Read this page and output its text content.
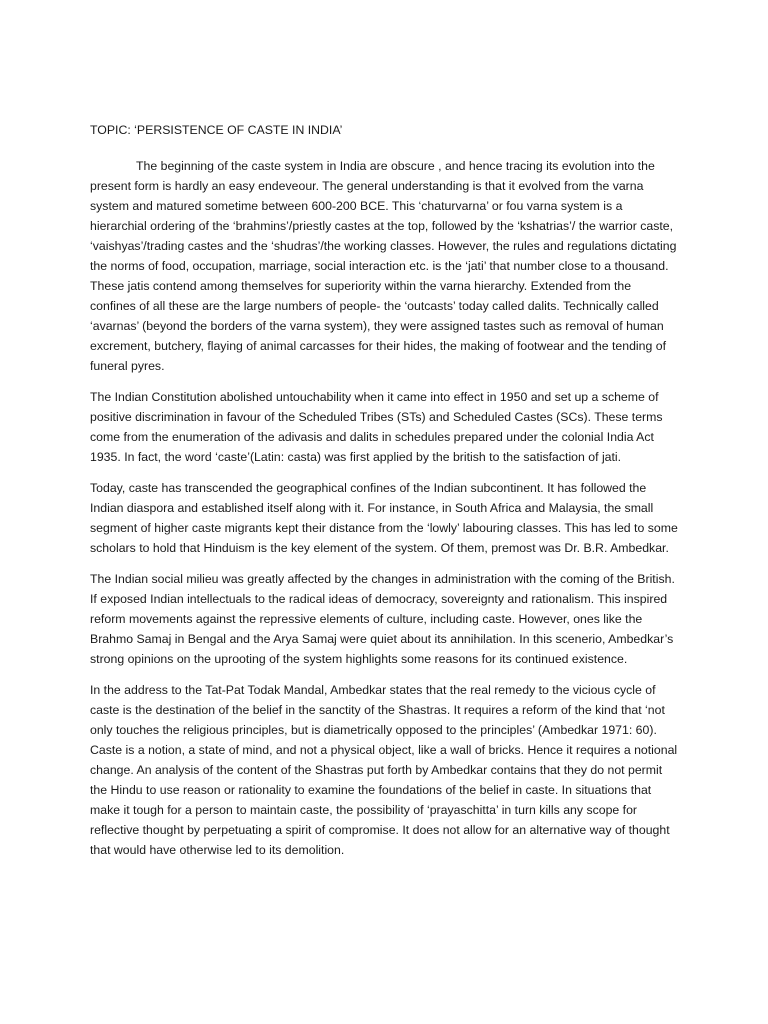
TOPIC: ‘PERSISTENCE OF CASTE IN INDIA’

The beginning of the caste system in India are obscure , and hence tracing its evolution into the present form is hardly an easy endeveour. The general understanding is that it evolved from the varna system and matured sometime between 600-200 BCE. This ‘chaturvarna’ or fou varna system is a hierarchial ordering of the ‘brahmins’/priestly castes at the top, followed by the ‘kshatrias’/ the warrior caste, ‘vaishyas’/trading castes and the ‘shudras’/the working classes. However, the rules and regulations dictating the norms of food, occupation, marriage, social interaction etc. is the ‘jati’ that number close to a thousand. These jatis contend among themselves for superiority within the varna hierarchy. Extended from the confines of all these are the large numbers of people- the ‘outcasts’ today called dalits. Technically called ‘avarnas’ (beyond the borders of the varna system), they were assigned tastes such as removal of human excrement, butchery, flaying of animal carcasses for their hides, the making of footwear and the tending of funeral pyres.

The Indian Constitution abolished untouchability when it came into effect in 1950 and set up a scheme of positive discrimination in favour of the Scheduled Tribes (STs) and Scheduled Castes (SCs). These terms come from the enumeration of the adivasis and dalits in schedules prepared under the colonial India Act 1935. In fact, the word ‘caste’(Latin: casta) was first applied by the british to the satisfaction of jati.

Today, caste has transcended the geographical confines of the Indian subcontinent. It has followed the Indian diaspora and established itself along with it. For instance, in South Africa and Malaysia, the small segment of higher caste migrants kept their distance from the ‘lowly’ labouring classes. This has led to some scholars to hold that Hinduism is the key element of the system. Of them, premost was Dr. B.R. Ambedkar.

The Indian social milieu was greatly affected by the changes in administration with the coming of the British. If exposed Indian intellectuals to the radical ideas of democracy, sovereignty and rationalism. This inspired reform movements against the repressive elements of culture, including caste. However, ones like the Brahmo Samaj in Bengal and the Arya Samaj were quiet about its annihilation. In this scenerio, Ambedkar’s strong opinions on the uprooting of the system highlights some reasons for its continued existence.

In the address to the Tat-Pat Todak Mandal, Ambedkar states that the real remedy to the vicious cycle of caste is the destination of the belief in the sanctity of the Shastras. It requires a reform of the kind that ‘not only touches the religious principles, but is diametrically opposed to the principles’ (Ambedkar 1971: 60). Caste is a notion, a state of mind, and not a physical object, like a wall of bricks. Hence it requires a notional change. An analysis of the content of the Shastras put forth by Ambedkar contains that they do not permit the Hindu to use reason or rationality to examine the foundations of the belief in caste. In situations that make it tough for a person to maintain caste, the possibility of ‘prayaschitta’ in turn kills any scope for reflective thought by perpetuating a spirit of compromise. It does not allow for an alternative way of thought that would have otherwise led to its demolition.
